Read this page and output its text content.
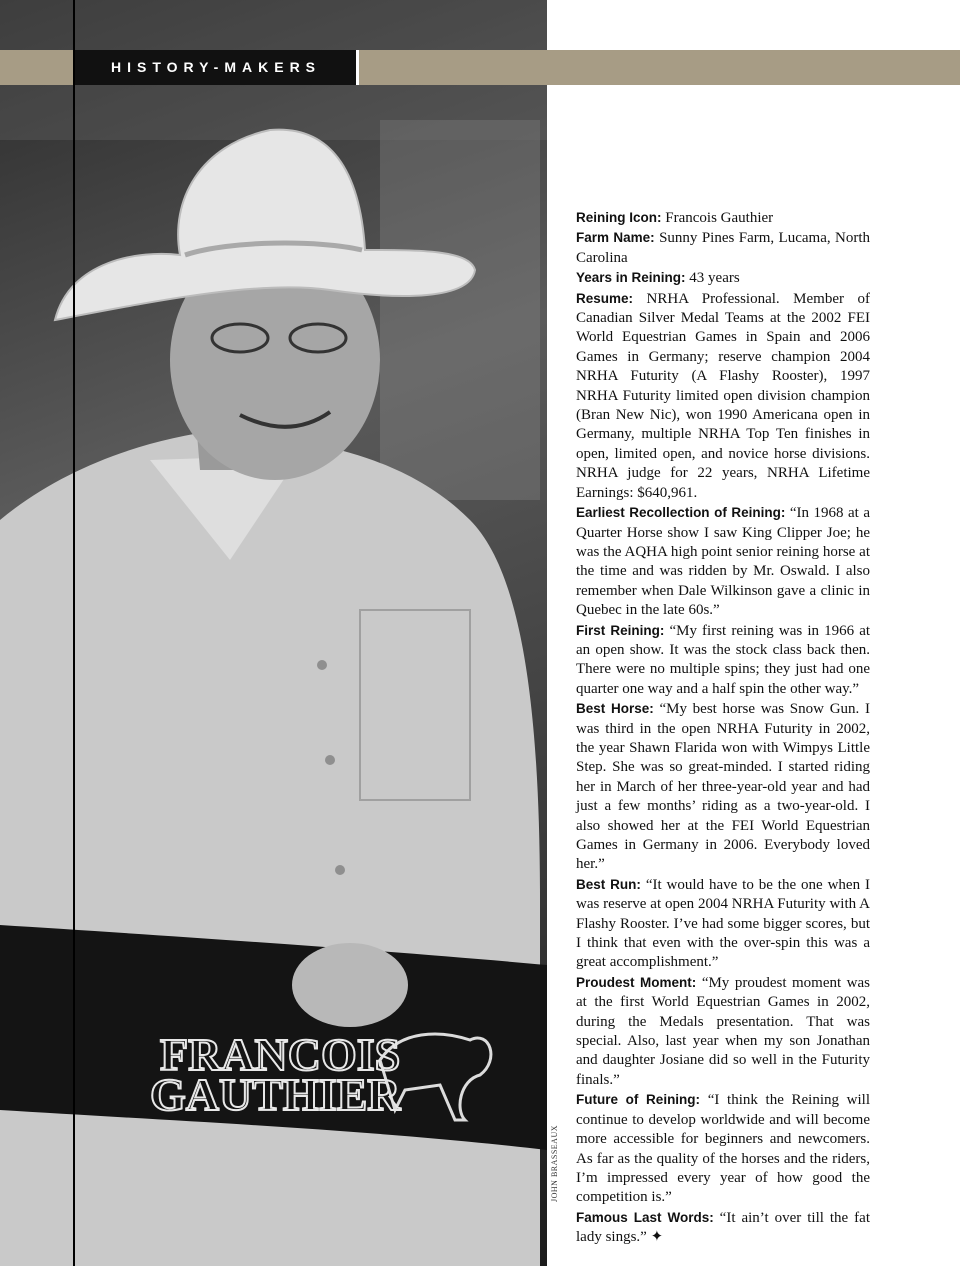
FRANCOIS
GAUTHIER
HISTORY-MAKERS
JOHN BRASSEAUX

Reining Icon: Francois Gauthier

Farm Name: Sunny Pines Farm, Lucama, North Carolina

Years in Reining: 43 years

Resume: NRHA Professional. Member of Canadian Silver Medal Teams at the 2002 FEI World Equestrian Games in Spain and 2006 Games in Germany; reserve champion 2004 NRHA Futurity (A Flashy Rooster), 1997 NRHA Futurity limited open division champion (Bran New Nic), won 1990 Americana open in Germany, multiple NRHA Top Ten finishes in open, limited open, and novice horse divisions. NRHA judge for 22 years, NRHA Lifetime Earnings: $640,961.

Earliest Recollection of Reining: “In 1968 at a Quarter Horse show I saw King Clipper Joe; he was the AQHA high point senior reining horse at the time and was ridden by Mr. Oswald. I also remember when Dale Wilkinson gave a clinic in Quebec in the late 60s.”

First Reining: “My first reining was in 1966 at an open show. It was the stock class back then. There were no multiple spins; they just had one quarter one way and a half spin the other way.”

Best Horse: “My best horse was Snow Gun. I was third in the open NRHA Futurity in 2002, the year Shawn Flarida won with Wimpys Little Step. She was so great-minded. I started riding her in March of her three-year-old year and had just a few months’ riding as a two-year-old. I also showed her at the FEI World Equestrian Games in Germany in 2006. Everybody loved her.”

Best Run: “It would have to be the one when I was reserve at open 2004 NRHA Futurity with A Flashy Rooster. I’ve had some bigger scores, but I think that even with the over-spin this was a great accomplishment.”

Proudest Moment: “My proudest moment was at the first World Equestrian Games in 2002, during the Medals presentation. That was special. Also, last year when my son Jonathan and daughter Josiane did so well in the Futurity finals.”

Future of Reining: “I think the Reining will continue to develop worldwide and will become more accessible for beginners and newcomers. As far as the quality of the horses and the riders, I’m impressed every year of how good the competition is.”

Famous Last Words: “It ain’t over till the fat lady sings.” ✦
